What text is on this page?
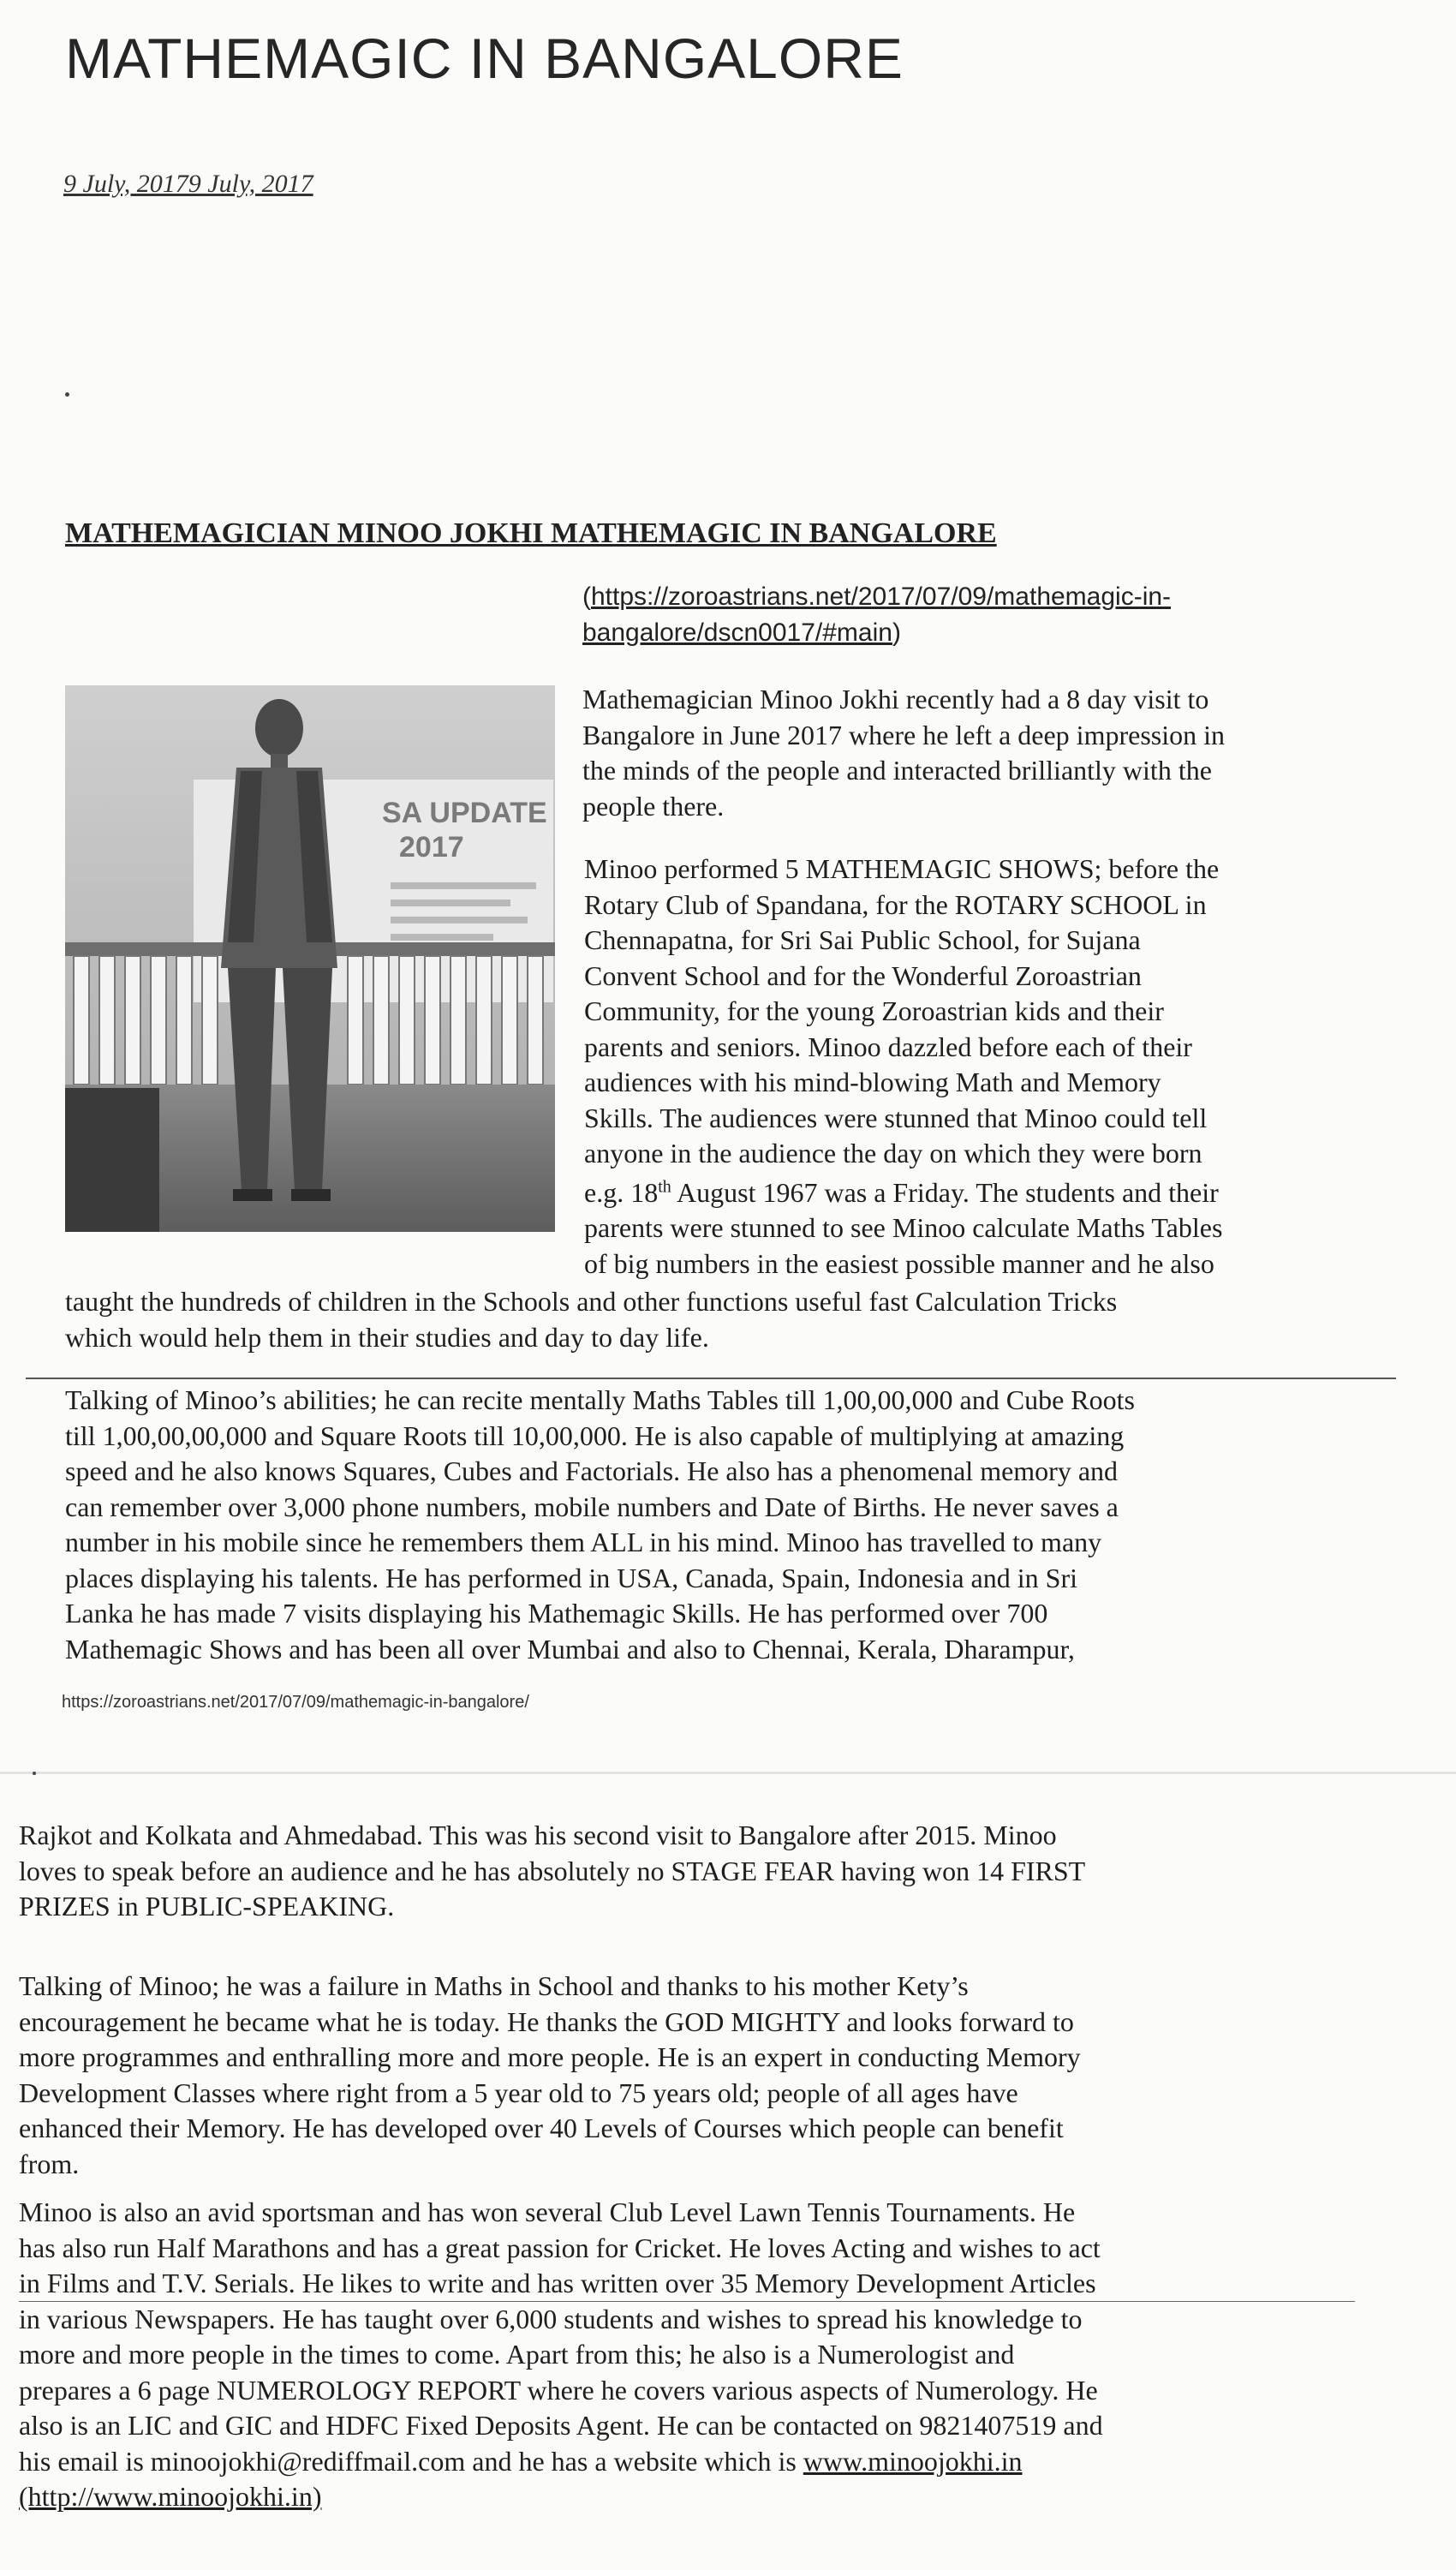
MATHEMAGIC IN BANGALORE
9 July, 20179 July, 2017
MATHEMAGICIAN MINOO JOKHI MATHEMAGIC IN BANGALORE
(https://zoroastrians.net/2017/07/09/mathemagic-in-bangalore/dscn0017/#main)
SA UPDATE
2017
Mathemagician Minoo Jokhi recently had a 8 day visit to
Bangalore in June 2017 where he left a deep impression in
the minds of the people and interacted brilliantly with the
people there.
Minoo performed 5 MATHEMAGIC SHOWS; before the
Rotary Club of Spandana, for the ROTARY SCHOOL in
Chennapatna, for Sri Sai Public School, for Sujana
Convent School and for the Wonderful Zoroastrian
Community, for the young Zoroastrian kids and their
parents and seniors. Minoo dazzled before each of their
audiences with his mind-blowing Math and Memory
Skills. The audiences were stunned that Minoo could tell
anyone in the audience the day on which they were born
e.g. 18th August 1967 was a Friday. The students and their
parents were stunned to see Minoo calculate Maths Tables
of big numbers in the easiest possible manner and he also
taught the hundreds of children in the Schools and other functions useful fast Calculation Tricks
which would help them in their studies and day to day life.
Talking of Minoo’s abilities; he can recite mentally Maths Tables till 1,00,00,000 and Cube Roots
till 1,00,00,00,000 and Square Roots till 10,00,000. He is also capable of multiplying at amazing
speed and he also knows Squares, Cubes and Factorials. He also has a phenomenal memory and
can remember over 3,000 phone numbers, mobile numbers and Date of Births. He never saves a
number in his mobile since he remembers them ALL in his mind. Minoo has travelled to many
places displaying his talents. He has performed in USA, Canada, Spain, Indonesia and in Sri
Lanka he has made 7 visits displaying his Mathemagic Skills. He has performed over 700
Mathemagic Shows and has been all over Mumbai and also to Chennai, Kerala, Dharampur,
https://zoroastrians.net/2017/07/09/mathemagic-in-bangalore/
Rajkot and Kolkata and Ahmedabad. This was his second visit to Bangalore after 2015. Minoo
loves to speak before an audience and he has absolutely no STAGE FEAR having won 14 FIRST
PRIZES in PUBLIC-SPEAKING.
Talking of Minoo; he was a failure in Maths in School and thanks to his mother Kety’s
encouragement he became what he is today. He thanks the GOD MIGHTY and looks forward to
more programmes and enthralling more and more people. He is an expert in conducting Memory
Development Classes where right from a 5 year old to 75 years old; people of all ages have
enhanced their Memory. He has developed over 40 Levels of Courses which people can benefit
from.
Minoo is also an avid sportsman and has won several Club Level Lawn Tennis Tournaments. He
has also run Half Marathons and has a great passion for Cricket. He loves Acting and wishes to act
in Films and T.V. Serials. He likes to write and has written over 35 Memory Development Articles
in various Newspapers. He has taught over 6,000 students and wishes to spread his knowledge to
more and more people in the times to come. Apart from this; he also is a Numerologist and
prepares a 6 page NUMEROLOGY REPORT where he covers various aspects of Numerology. He
also is an LIC and GIC and HDFC Fixed Deposits Agent. He can be contacted on 9821407519 and
his email is minoojokhi@rediffmail.com and he has a website which is www.minoojokhi.in
(http://www.minoojokhi.in)
